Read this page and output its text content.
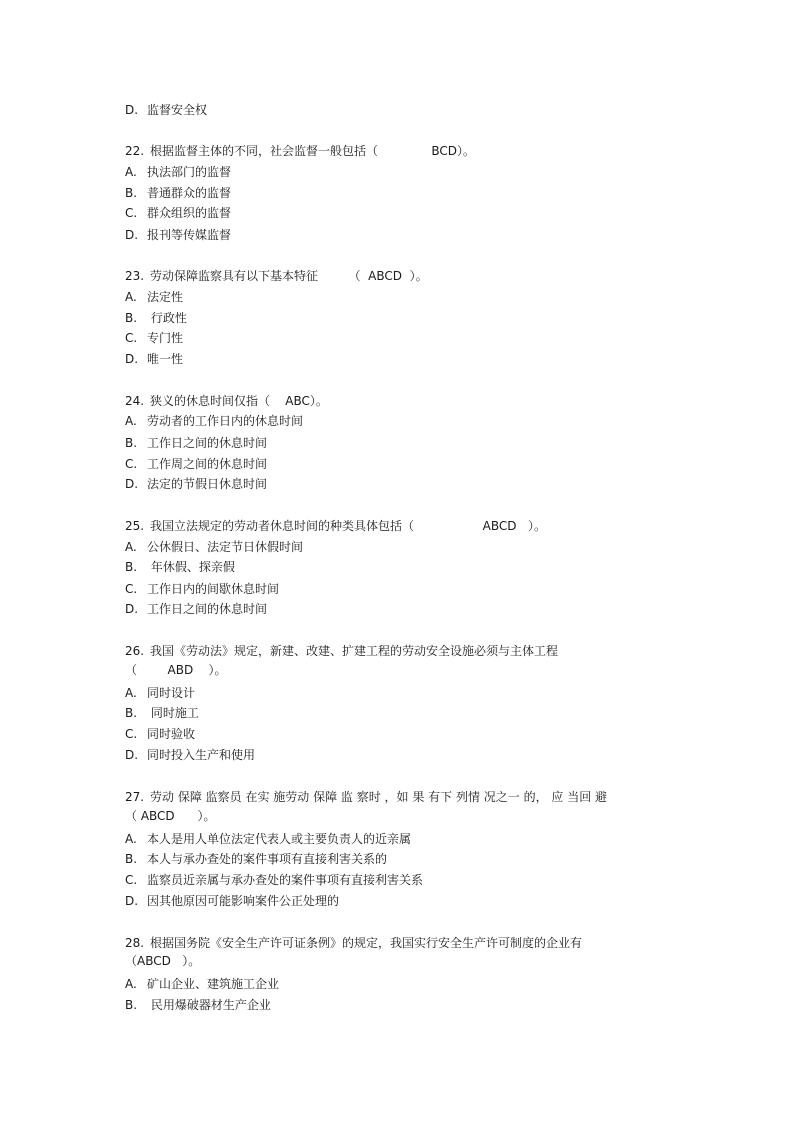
D. 监督安全权
22. 根据监督主体的不同，社会监督一般包括（              BCD）。
A. 执法部门的监督
B. 普通群众的监督
C. 群众组织的监督
D. 报刊等传媒监督
23. 劳动保障监察具有以下基本特征        （  ABCD  ）。
A. 法定性
B. 行政性
C. 专门性
D. 唯一性
24. 狭义的休息时间仅指（    ABC）。
A. 劳动者的工作日内的休息时间
B. 工作日之间的休息时间
C. 工作周之间的休息时间
D. 法定的节假日休息时间
25. 我国立法规定的劳动者休息时间的种类具体包括（                  ABCD   ）。
A. 公休假日、法定节日休假时间
B. 年休假、探亲假
C. 工作日内的间歇休息时间
D. 工作日之间的休息时间
26. 我国《劳动法》规定，新建、改建、扩建工程的劳动安全设施必须与主体工程
（        ABD    ）。
A. 同时设计
B. 同时施工
C. 同时验收
D. 同时投入生产和使用
27. 劳动 保障 监察员 在实 施劳动 保障 监 察时 ，如 果 有下 列情 况之一 的， 应 当回 避
（ ABCD      ）。
A. 本人是用人单位法定代表人或主要负责人的近亲属
B. 本人与承办查处的案件事项有直接利害关系的
C. 监察员近亲属与承办查处的案件事项有直接利害关系
D. 因其他原因可能影响案件公正处理的
28. 根据国务院《安全生产许可证条例》的规定，我国实行安全生产许可制度的企业有
（ABCD   ）。
A. 矿山企业、建筑施工企业
B. 民用爆破器材生产企业
